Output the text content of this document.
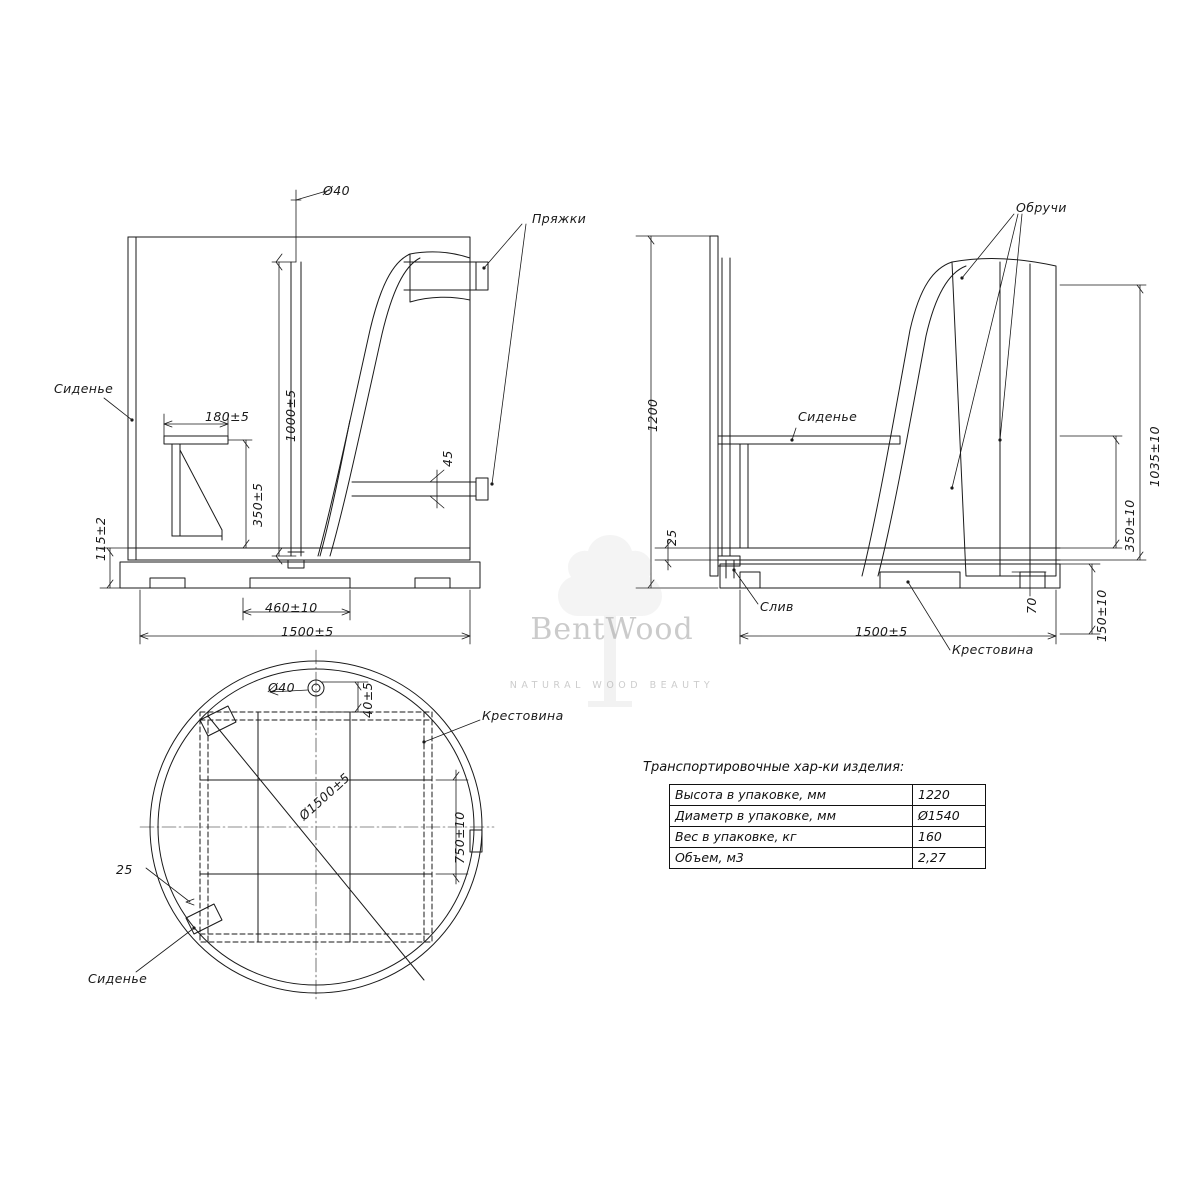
BentWood
NATURAL WOOD BEAUTY
Ø40
1000±5
180±5
350±5
115±2
460±10
1500±5
45
Сиденье
Пряжки
1200
1035±10
350±10
150±10
25
70
1500±5
Обручи
Сиденье
Слив
Крестовина
Ø40	40±5
Ø1500±5
750±10
25
Крестовина
Сиденье
Транспортировочные хар-ки изделия:
Высота в упаковке, мм	1220
Диаметр в упаковке, мм	Ø1540
Вес в упаковке, кг	160
Объем, м3	2,27
